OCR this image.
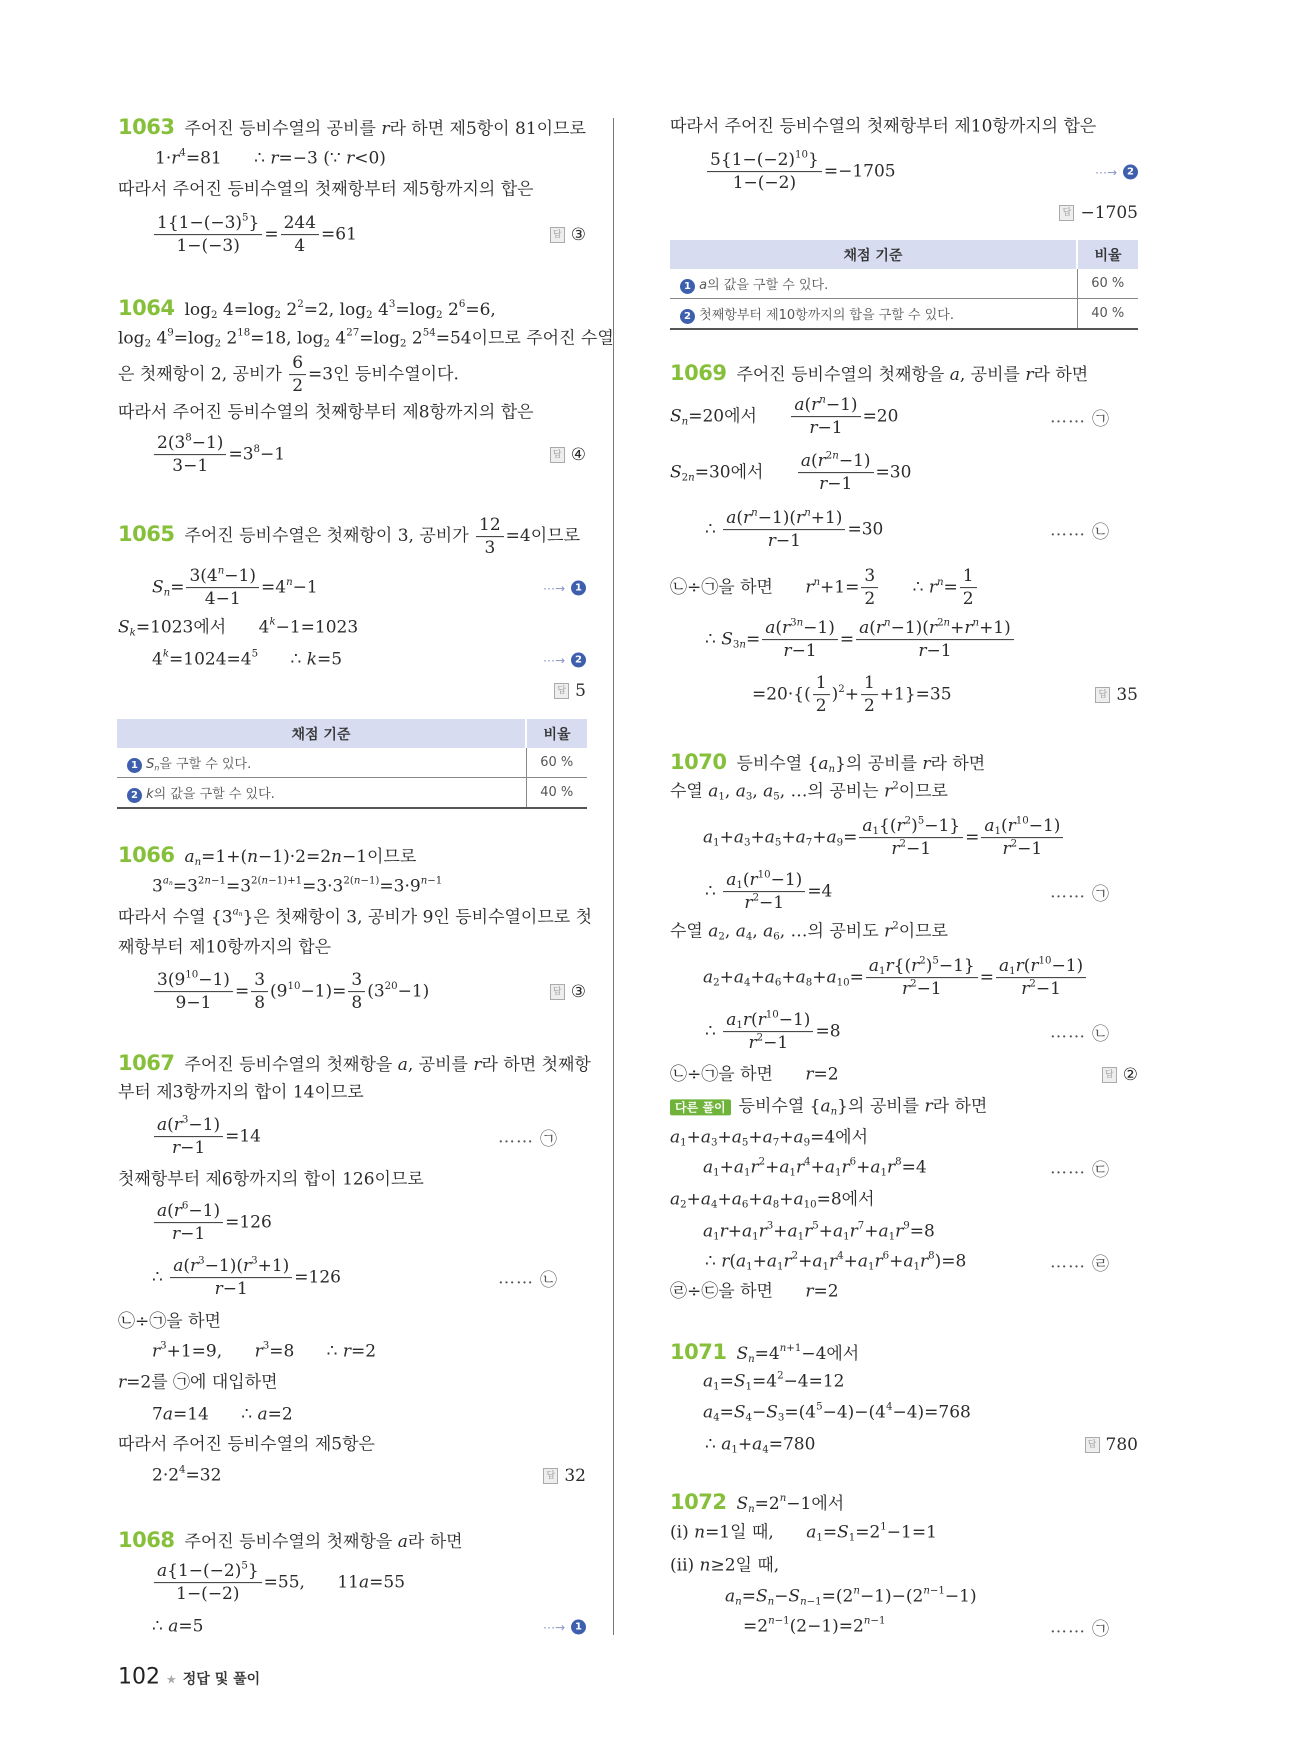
1063 주어진 등비수열의 공비를 r라 하면 제5항이 81이므로
$1\cdot r^4=81$      ∴ r=−3 (∵ r<0)
따라서 주어진 등비수열의 첫째항부터 제5항까지의 합은
$\frac{1\{1-(-3)^5\}}{1-(-3)} = \frac{244}{4} =61$	답 ③
1064 $\log_2 4=\log_2$ $2^2=2$, $\log_2 4^3=\log_2$ $2^6=6$,
$\log_2 4^9=\log_2$ $2^{18}=18$, $\log_2 4^{27}=\log_2$ $2^{54}=54$이므로 주어진 수열
은 첫째항이 2, 공비가 $\frac{6}{2} =3$인 등비수열이다.
따라서 주어진 등비수열의 첫째항부터 제8항까지의 합은
$\frac{2(3^8-1)}{3-1} =3^8-1$	답 ④
1065 주어진 등비수열은 첫째항이 3, 공비가 $\frac{12}{3} =4$이므로
$S_n= \frac{3(4^n-1)}{4-1} =4^n-1$	⋯→	1
$S_k=1023$에서      $4^k-1=1023$
$4^k=1024=4^5$      ∴ k=5	⋯→	2
답 5
채점 기준	비율
1 $S_n$을 구할 수 있다.	60 %
2 k의 값을 구할 수 있다.	40 %
1066 $a_n=1+(n-1)\cdot 2=2n-1$이므로
$3^{a_n}=3^{2n-1}=3^{2(n-1)+1}=3\cdot 3^{2(n-1)}=3\cdot 9^{n-1}$
따라서 수열 $\{3^{a_n}\}$은 첫째항이 3, 공비가 9인 등비수열이므로 첫
째항부터 제10항까지의 합은
$\frac{3(9^{10}-1)}{9-1} = \frac{3}{8} (9^{10}-1)= \frac{3}{8} (3^{20}-1)$	답 ③
1067 주어진 등비수열의 첫째항을 a, 공비를 r라 하면 첫째항
부터 제3항까지의 합이 14이므로
$\frac{a(r^3-1)}{r-1} =14$	…… ㉠
첫째항부터 제6항까지의 합이 126이므로
$\frac{a(r^6-1)}{r-1} =126$
∴ $\frac{a(r^3-1)(r^3+1)}{r-1} =126$	…… ㉡
㉡÷㉠을 하면
$r^3+1=9$,      $r^3=8$      ∴ r=2
r=2를 ㉠에 대입하면
7a=14      ∴ a=2
따라서 주어진 등비수열의 제5항은
$2\cdot 2^4=32$	답 32
1068 주어진 등비수열의 첫째항을 a라 하면
$\frac{a\{1-(-2)^5\}}{1-(-2)} =55$,      11a=55
∴ a=5	⋯→	1
따라서 주어진 등비수열의 첫째항부터 제10항까지의 합은
$\frac{5\{1-(-2)^{10}\}}{1-(-2)} =-1705$	⋯→	2
답 −1705
채점 기준	비율
1 a의 값을 구할 수 있다.	60 %
2 첫째항부터 제10항까지의 합을 구할 수 있다.	40 %
1069 주어진 등비수열의 첫째항을 a, 공비를 r라 하면
$S_n=20$에서 $\frac{a(r^n-1)}{r-1} =20$	…… ㉠
$S_{2n}=30$에서 $\frac{a(r^{2n}-1)}{r-1} =30$
∴ $\frac{a(r^n-1)(r^n+1)}{r-1} =30$	…… ㉡
㉡÷㉠을 하면      $r^n+1= \frac{3}{2}$ ∴ $r^n= \frac{1}{2}$
∴ $S_{3n}= \frac{a(r^{3n}-1)}{r-1} = \frac{a(r^n-1)(r^{2n}+r^n+1)}{r-1}$
$=20\cdot\{( \frac{1}{2} )^2+ \frac{1}{2} +1\}=35$	답 35
1070 등비수열 $\{a_n\}$의 공비를 r라 하면
수열 $a_1$, $a_3$, $a_5$, …의 공비는 $r^2$이므로
$a_1+a_3+a_5+a_7+a_9= \frac{a_1\{(r^2)^5-1\}}{r^2-1} = \frac{a_1(r^{10}-1)}{r^2-1}$
∴ $\frac{a_1(r^{10}-1)}{r^2-1} =4$	…… ㉠
수열 $a_2$, $a_4$, $a_6$, …의 공비도 $r^2$이므로
$a_2+a_4+a_6+a_8+a_{10}= \frac{a_1r\{(r^2)^5-1\}}{r^2-1} = \frac{a_1r(r^{10}-1)}{r^2-1}$
∴ $\frac{a_1r(r^{10}-1)}{r^2-1} =8$	…… ㉡
㉡÷㉠을 하면      r=2	답 ②
다른 풀이 등비수열 $\{a_n\}$의 공비를 r라 하면
$a_1+a_3+a_5+a_7+a_9=4$에서
$a_1+a_1r^2+a_1r^4+a_1r^6+a_1r^8=4$	…… ㉢
$a_2+a_4+a_6+a_8+a_{10}=8$에서
$a_1r+a_1r^3+a_1r^5+a_1r^7+a_1r^9=8$
∴ $r(a_1+a_1r^2+a_1r^4+a_1r^6+a_1r^8)=8$	…… ㉣
㉣÷㉢을 하면      r=2
1071 $S_n=4^{n+1}-4$에서
$a_1=S_1=4^2-4=12$
$a_4=S_4-S_3=(4^5-4)-(4^4-4)=768$
∴ $a_1+a_4=780$	답 780
1072 $S_n=2^n-1$에서
(i) n=1일 때,      $a_1=S_1=2^1-1=1$
(ii) n≥2일 때,
$a_n=S_n-S_{n-1}=(2^n-1)-(2^{n-1}-1)$
$=2^{n-1}(2-1)=2^{n-1}$	…… ㉠
102 ★ 정답 및 풀이
